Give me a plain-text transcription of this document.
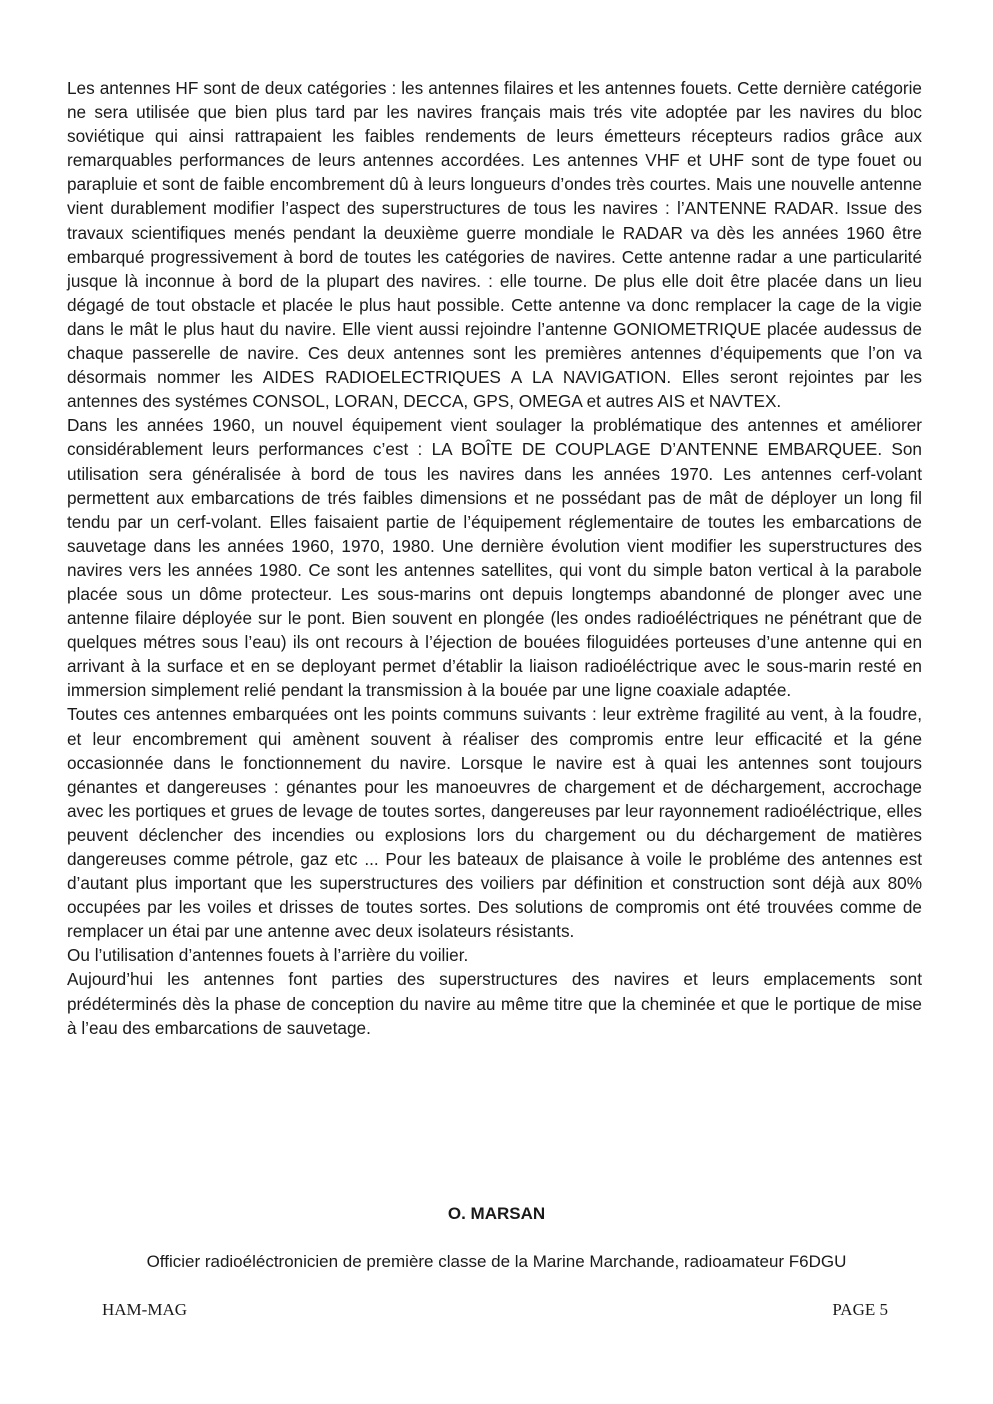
Les antennes HF sont de deux catégories : les antennes filaires et les antennes fouets. Cette dernière catégorie ne sera utilisée que bien plus tard par les navires français mais trés vite adoptée par les navires du bloc soviétique qui ainsi rattrapaient les faibles rendements de leurs émetteurs récepteurs radios grâce aux remarquables performances de leurs antennes accordées. Les antennes VHF et UHF sont de type fouet ou parapluie et sont de faible encombrement dû à leurs longueurs d’ondes très courtes. Mais une nouvelle antenne vient durablement modifier l’aspect des superstructures de tous les navires : l’ANTENNE RADAR. Issue des travaux scientifiques menés pendant la deuxième guerre mondiale le RADAR va dès les années 1960 être embarqué progressivement à bord de toutes les catégories de navires. Cette antenne radar a une particularité jusque là inconnue à bord de la plupart des navires. : elle tourne. De plus elle doit être placée dans un lieu dégagé de tout obstacle et placée le plus haut possible. Cette antenne va donc remplacer la cage de la vigie dans le mât le plus haut du navire. Elle vient aussi rejoindre l’antenne GONIOMETRIQUE placée audessus de chaque passerelle de navire. Ces deux antennes sont les premières antennes d’équipements que l’on va désormais nommer les AIDES RADIOELECTRIQUES A LA NAVIGATION. Elles seront rejointes par les antennes des systémes CONSOL, LORAN, DECCA, GPS, OMEGA et autres AIS et NAVTEX.

Dans les années 1960, un nouvel équipement vient soulager la problématique des antennes et améliorer considérablement leurs performances c’est : LA BOÎTE DE COUPLAGE D’ANTENNE EMBARQUEE. Son utilisation sera généralisée à bord de tous les navires dans les années 1970. Les antennes cerf-volant permettent aux embarcations de trés faibles dimensions et ne possédant pas de mât de déployer un long fil tendu par un cerf-volant. Elles faisaient partie de l’équipement réglementaire de toutes les embarcations de sauvetage dans les années 1960, 1970, 1980. Une dernière évolution vient modifier les superstructures des navires vers les années 1980. Ce sont les antennes satellites, qui vont du simple baton vertical à la parabole placée sous un dôme protecteur. Les sous-marins ont depuis longtemps abandonné de plonger avec une antenne filaire déployée sur le pont. Bien souvent en plongée (les ondes radioéléctriques ne pénétrant que de quelques métres sous l’eau) ils ont recours à l’éjection de bouées filoguidées porteuses d’une antenne qui en arrivant à la surface et en se deployant permet d’établir la liaison radioéléctrique avec le sous-marin resté en immersion simplement relié pendant la transmission à la bouée par une ligne coaxiale adaptée.

Toutes ces antennes embarquées ont les points communs suivants : leur extrème fragilité au vent, à la foudre, et leur encombrement qui amènent souvent à réaliser des compromis entre leur efficacité et la géne occasionnée dans le fonctionnement du navire. Lorsque le navire est à quai les antennes sont toujours génantes et dangereuses : génantes pour les manoeuvres de chargement et de déchargement, accrochage avec les portiques et grues de levage de toutes sortes, dangereuses par leur rayonnement radioéléctrique, elles peuvent déclencher des incendies ou explosions lors du chargement ou du déchargement de matières dangereuses comme pétrole, gaz etc ... Pour les bateaux de plaisance à voile le probléme des antennes est d’autant plus important que les superstructures des voiliers par définition et construction sont déjà aux 80% occupées par les voiles et drisses de toutes sortes. Des solutions de compromis ont été trouvées comme de remplacer un étai par une antenne avec deux isolateurs résistants.

Ou l’utilisation d’antennes fouets à l’arrière du voilier.

Aujourd’hui les antennes font parties des superstructures des navires et leurs emplacements sont prédéterminés dès la phase de conception du navire au même titre que la cheminée et que le portique de mise à l’eau des embarcations de sauvetage.

O. MARSAN

Officier radioéléctronicien de première classe de la Marine Marchande, radioamateur F6DGU

HAM-MAG	PAGE 5
